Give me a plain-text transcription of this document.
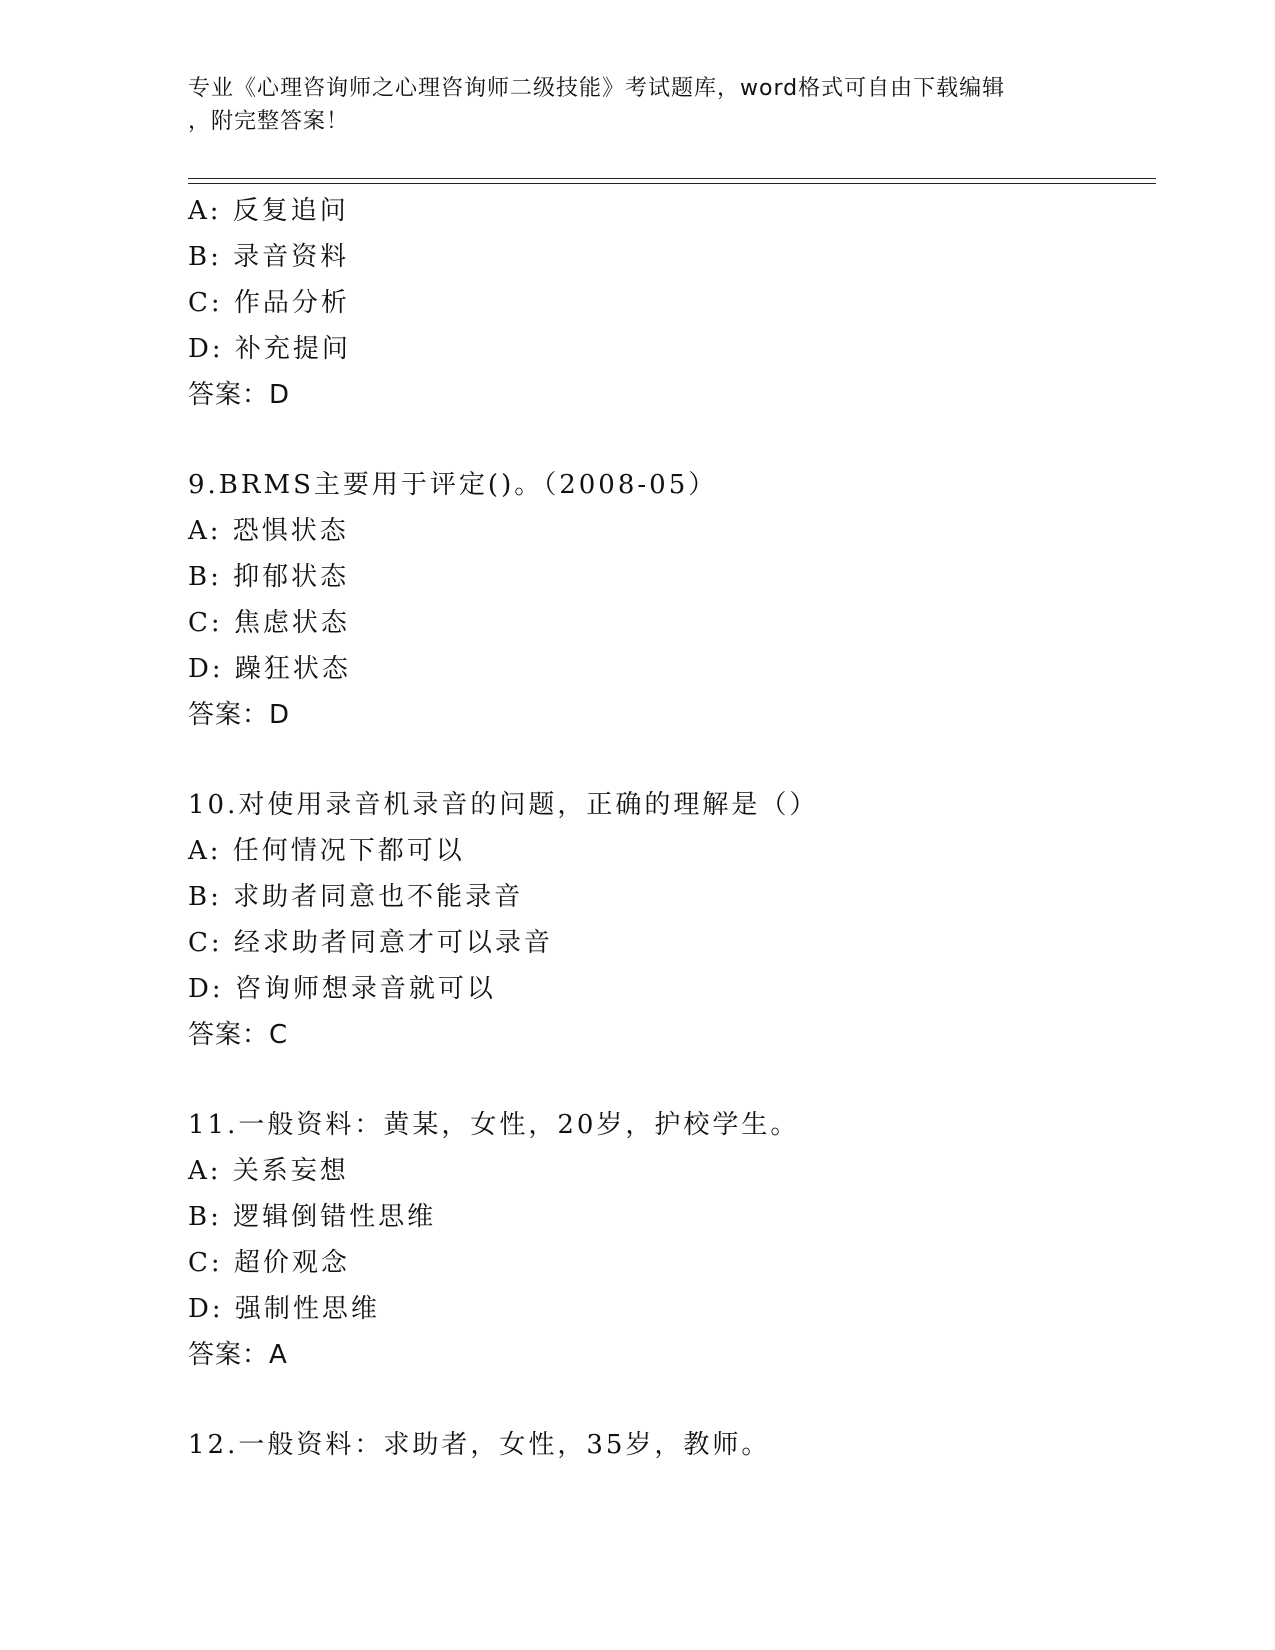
专业《心理咨询师之心理咨询师二级技能》考试题库，word格式可自由下载编辑
，附完整答案！
A: 反复追问
B: 录音资料
C: 作品分析
D: 补充提问
答案：D
9.BRMS主要用于评定()。（2008-05）
A: 恐惧状态
B: 抑郁状态
C: 焦虑状态
D: 躁狂状态
答案：D
10.对使用录音机录音的问题，正确的理解是（）
A: 任何情况下都可以
B: 求助者同意也不能录音
C: 经求助者同意才可以录音
D: 咨询师想录音就可以
答案：C
11.一般资料：黄某，女性，20岁，护校学生。
A: 关系妄想
B: 逻辑倒错性思维
C: 超价观念
D: 强制性思维
答案：A
12.一般资料：求助者，女性，35岁，教师。
